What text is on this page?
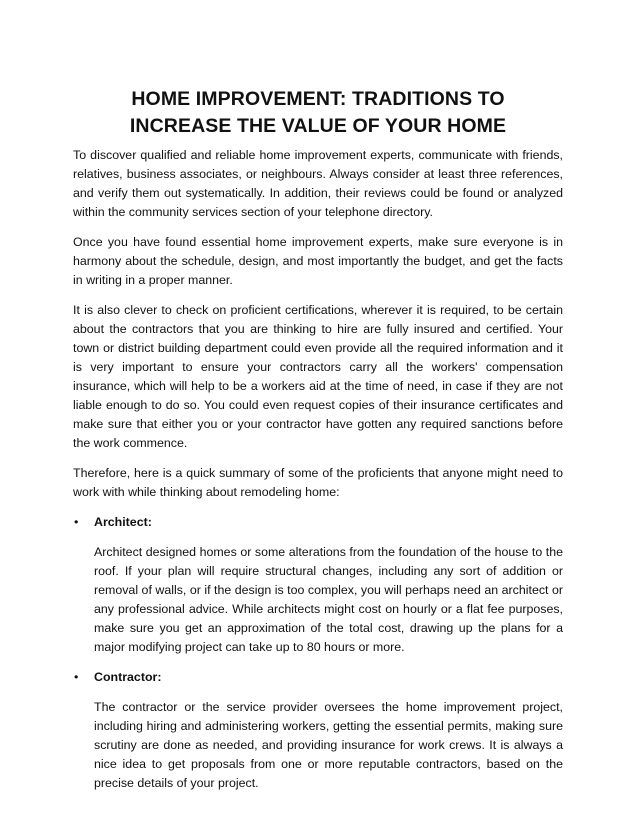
HOME IMPROVEMENT: TRADITIONS TO
INCREASE THE VALUE OF YOUR HOME

To discover qualified and reliable home improvement experts, communicate with friends, relatives, business associates, or neighbours. Always consider at least three references, and verify them out systematically. In addition, their reviews could be found or analyzed within the community services section of your telephone directory.

Once you have found essential home improvement experts, make sure everyone is in harmony about the schedule, design, and most importantly the budget, and get the facts in writing in a proper manner.

It is also clever to check on proficient certifications, wherever it is required, to be certain about the contractors that you are thinking to hire are fully insured and certified. Your town or district building department could even provide all the required information and it is very important to ensure your contractors carry all the workers' compensation insurance, which will help to be a workers aid at the time of need, in case if they are not liable enough to do so. You could even request copies of their insurance certificates and make sure that either you or your contractor have gotten any required sanctions before the work commence.

Therefore, here is a quick summary of some of the proficients that anyone might need to work with while thinking about remodeling home:

• Architect:

Architect designed homes or some alterations from the foundation of the house to the roof. If your plan will require structural changes, including any sort of addition or removal of walls, or if the design is too complex, you will perhaps need an architect or any professional advice. While architects might cost on hourly or a flat fee purposes, make sure you get an approximation of the total cost, drawing up the plans for a major modifying project can take up to 80 hours or more.

• Contractor:

The contractor or the service provider oversees the home improvement project, including hiring and administering workers, getting the essential permits, making sure scrutiny are done as needed, and providing insurance for work crews. It is always a nice idea to get proposals from one or more reputable contractors, based on the precise details of your project.
